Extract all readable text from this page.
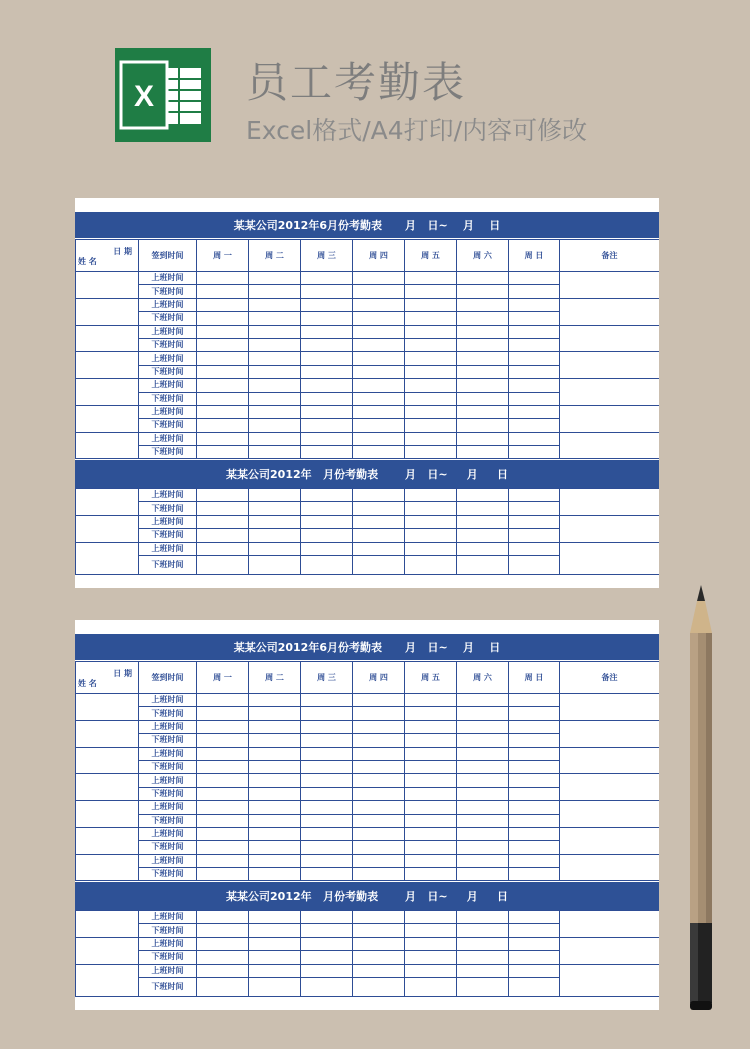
X 员工考勤表
Excel格式/A4打印/内容可修改
某某公司2012年6月份考勤表      月   日~    月    日
日 期
姓 名	签到时间	周 一	周 二	周 三	周 四	周 五	周 六	周 日	备注
	上班时间								
	下班时间								
	上班时间								
	下班时间								
	上班时间								
	下班时间								
	上班时间								
	下班时间								
	上班时间								
	下班时间								
	上班时间								
	下班时间								
	上班时间								
	下班时间								
某某公司2012年   月份考勤表       月   日~     月     日
	上班时间								
	下班时间								
	上班时间								
	下班时间								
	上班时间								
	下班时间								
某某公司2012年6月份考勤表      月   日~    月    日
日 期
姓 名	签到时间	周 一	周 二	周 三	周 四	周 五	周 六	周 日	备注
	上班时间								
	下班时间								
	上班时间								
	下班时间								
	上班时间								
	下班时间								
	上班时间								
	下班时间								
	上班时间								
	下班时间								
	上班时间								
	下班时间								
	上班时间								
	下班时间								
某某公司2012年   月份考勤表       月   日~     月     日
	上班时间								
	下班时间								
	上班时间								
	下班时间								
	上班时间								
	下班时间								
